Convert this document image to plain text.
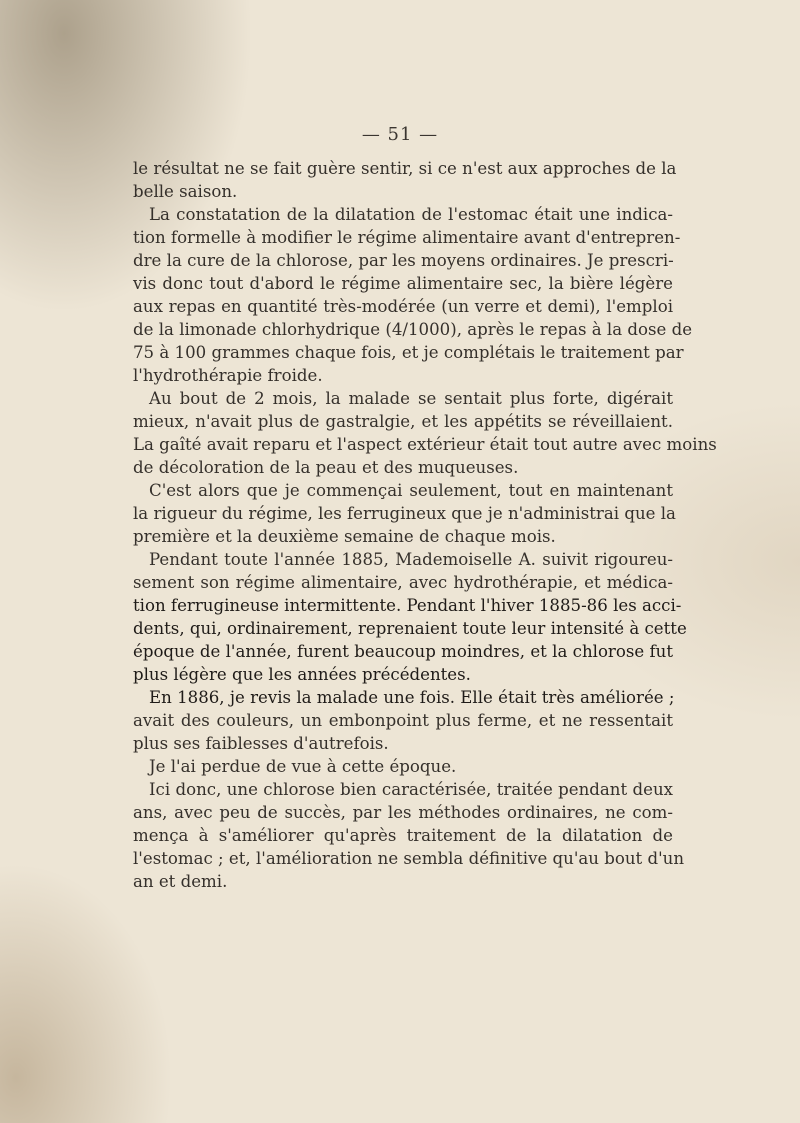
— 51 —
le résultat ne se fait guère sentir, si ce n'est aux approches de la
belle saison.
La constatation de la dilatation de l'estomac était une indica-
tion formelle à modifier le régime alimentaire avant d'entrepren-
dre la cure de la chlorose, par les moyens ordinaires. Je prescri-
vis donc tout d'abord le régime alimentaire sec, la bière légère
aux repas en quantité très-modérée (un verre et demi), l'emploi
de la limonade chlorhydrique (4/1000), après le repas à la dose de
75 à 100 grammes chaque fois, et je complétais le traitement par
l'hydrothérapie froide.
Au bout de 2 mois, la malade se sentait plus forte, digérait
mieux, n'avait plus de gastralgie, et les appétits se réveillaient.
La gaîté avait reparu et l'aspect extérieur était tout autre avec moins
de décoloration de la peau et des muqueuses.
C'est alors que je commençai seulement, tout en maintenant
la rigueur du régime, les ferrugineux que je n'administrai que la
première et la deuxième semaine de chaque mois.
Pendant toute l'année 1885, Mademoiselle A. suivit rigoureu-
sement son régime alimentaire, avec hydrothérapie, et médica-
tion ferrugineuse intermittente. Pendant l'hiver 1885-86 les acci-
dents, qui, ordinairement, reprenaient toute leur intensité à cette
époque de l'année, furent beaucoup moindres, et la chlorose fut
plus légère que les années précédentes.
En 1886, je revis la malade une fois. Elle était très améliorée ;
avait des couleurs, un embonpoint plus ferme, et ne ressentait
plus ses faiblesses d'autrefois.
Je l'ai perdue de vue à cette époque.
Ici donc, une chlorose bien caractérisée, traitée pendant deux
ans, avec peu de succès, par les méthodes ordinaires, ne com-
mença à s'améliorer qu'après traitement de la dilatation de
l'estomac ; et, l'amélioration ne sembla définitive qu'au bout d'un
an et demi.
